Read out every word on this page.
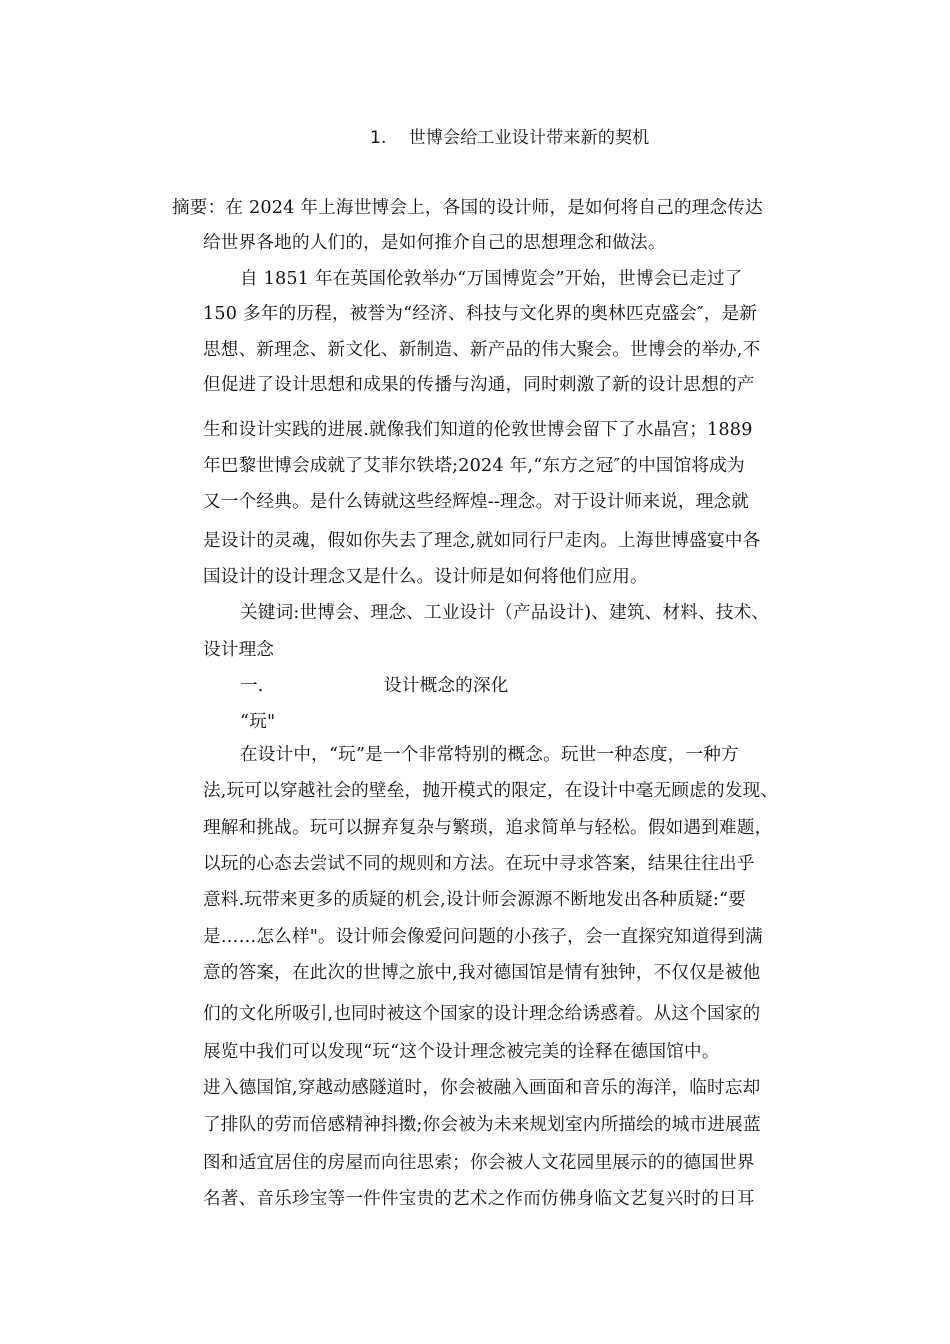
1. 世博会给工业设计带来新的契机
摘要：在 2024 年上海世博会上，各国的设计师，是如何将自己的理念传达
给世界各地的人们的，是如何推介自己的思想理念和做法。
自 1851 年在英国伦敦举办“万国博览会”开始，世博会已走过了
150 多年的历程，被誉为“经济、科技与文化界的奥林匹克盛会″，是新
思想、新理念、新文化、新制造、新产品的伟大聚会。世博会的举办,不
但促进了设计思想和成果的传播与沟通，同时刺激了新的设计思想的产
生和设计实践的进展.就像我们知道的伦敦世博会留下了水晶宫；1889
年巴黎世博会成就了艾菲尔铁塔;2024 年,“东方之冠″的中国馆将成为
又一个经典。是什么铸就这些经辉煌--理念。对于设计师来说，理念就
是设计的灵魂，假如你失去了理念,就如同行尸走肉。上海世博盛宴中各
国设计的设计理念又是什么。设计师是如何将他们应用。
关键词:世博会、理念、工业设计（产品设计)、建筑、材料、技术、
设计理念
一.	设计概念的深化
“玩"
在设计中，“玩”是一个非常特别的概念。玩世一种态度，一种方
法,玩可以穿越社会的壁垒，抛开模式的限定，在设计中毫无顾虑的发现、
理解和挑战。玩可以摒弃复杂与繁琐，追求简单与轻松。假如遇到难题，
以玩的心态去尝试不同的规则和方法。在玩中寻求答案，结果往往出乎
意料.玩带来更多的质疑的机会,设计师会源源不断地发出各种质疑:“要
是……怎么样"。设计师会像爱问问题的小孩子，会一直探究知道得到满
意的答案，在此次的世博之旅中,我对德国馆是情有独钟，不仅仅是被他
们的文化所吸引,也同时被这个国家的设计理念给诱惑着。从这个国家的
展览中我们可以发现“玩“这个设计理念被完美的诠释在德国馆中。
进入德国馆,穿越动感隧道时，你会被融入画面和音乐的海洋，临时忘却
了排队的劳而倍感精神抖擞;你会被为未来规划室内所描绘的城市进展蓝
图和适宜居住的房屋而向往思索；你会被人文花园里展示的的德国世界
名著、音乐珍宝等一件件宝贵的艺术之作而仿佛身临文艺复兴时的日耳
